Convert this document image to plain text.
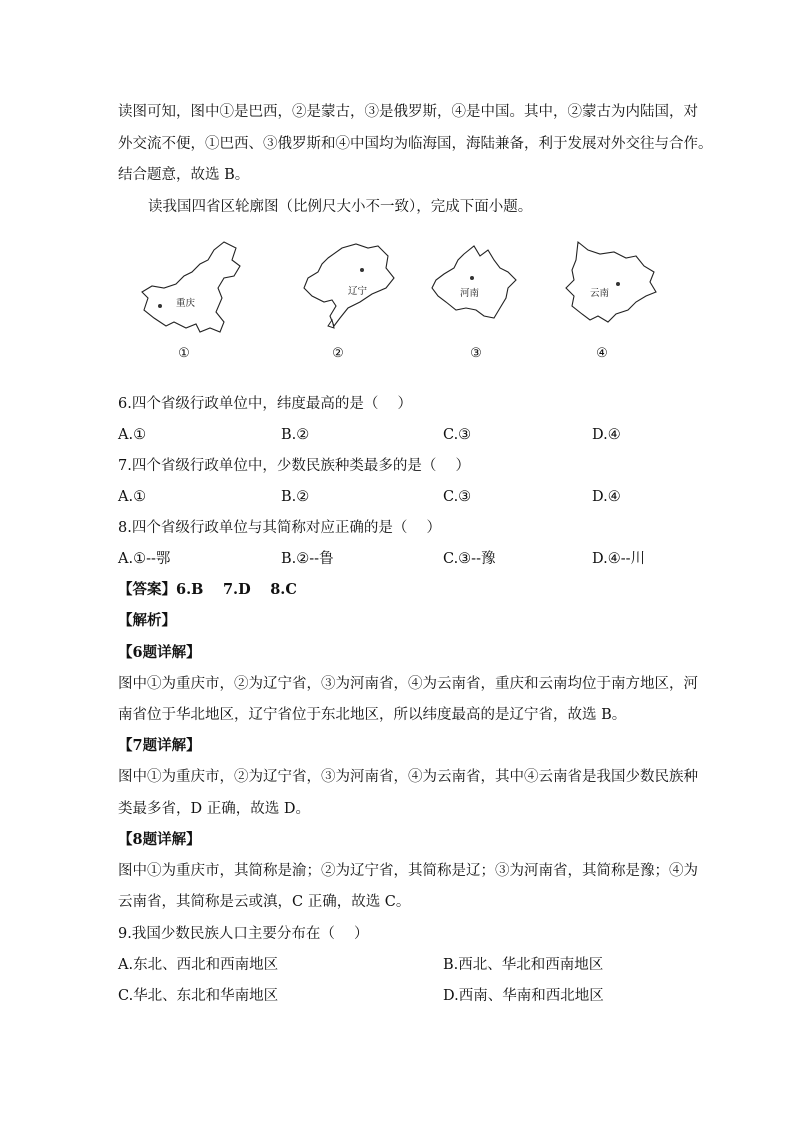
读图可知，图中①是巴西，②是蒙古，③是俄罗斯，④是中国。其中，②蒙古为内陆国，对
外交流不便，①巴西、③俄罗斯和④中国均为临海国，海陆兼备，利于发展对外交往与合作。
结合题意，故选 B。
读我国四省区轮廓图（比例尺大小不一致），完成下面小题。
重庆
①
辽宁
②
河南
③
云南
④
6.四个省级行政单位中，纬度最高的是（　 ）
A.①	B.②	C.③	D.④
7.四个省级行政单位中，少数民族种类最多的是（　 ）
A.①	B.②	C.③	D.④
8.四个省级行政单位与其简称对应正确的是（　 ）
A.①--鄂	B.②--鲁	C.③--豫	D.④--川
【答案】6.B　 7.D　 8.C
【解析】
【6题详解】
图中①为重庆市，②为辽宁省，③为河南省，④为云南省，重庆和云南均位于南方地区，河
南省位于华北地区，辽宁省位于东北地区，所以纬度最高的是辽宁省，故选 B。
【7题详解】
图中①为重庆市，②为辽宁省，③为河南省，④为云南省，其中④云南省是我国少数民族种
类最多省，D 正确，故选 D。
【8题详解】
图中①为重庆市，其简称是渝；②为辽宁省，其简称是辽；③为河南省，其简称是豫；④为
云南省，其简称是云或滇，C 正确，故选 C。
9.我国少数民族人口主要分布在（　 ）
A.东北、西北和西南地区	B.西北、华北和西南地区
C.华北、东北和华南地区	D.西南、华南和西北地区
